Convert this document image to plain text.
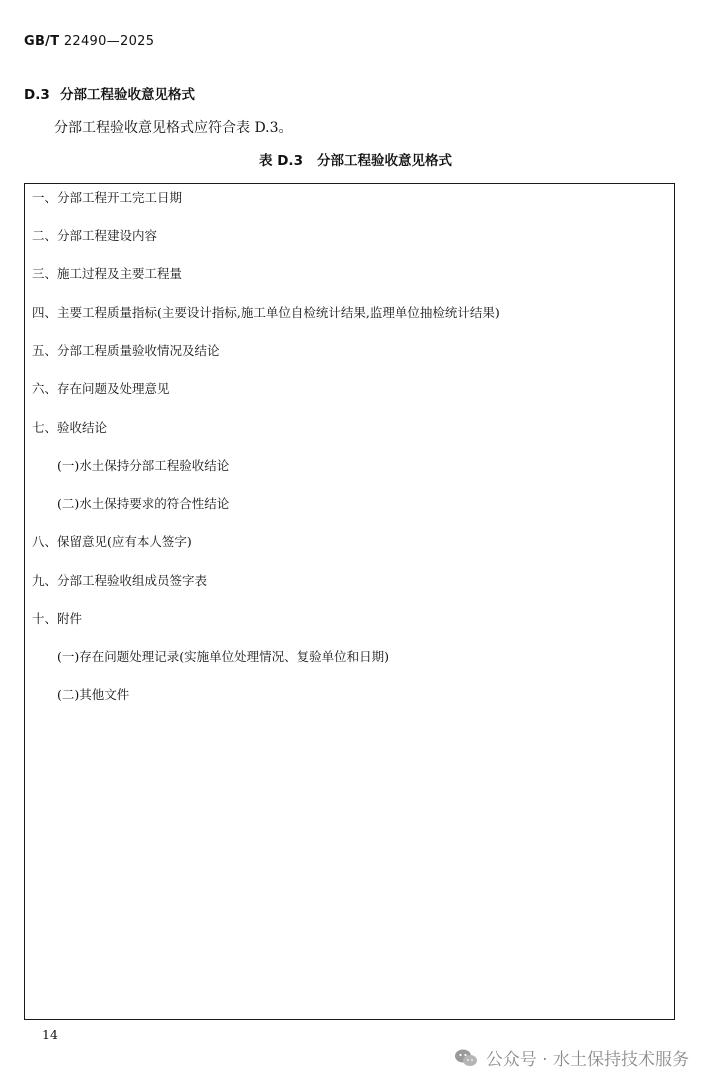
GB/T 22490—2025
D.3 分部工程验收意见格式
分部工程验收意见格式应符合表 D.3。
表 D.3 分部工程验收意见格式
一、分部工程开工完工日期
二、分部工程建设内容
三、施工过程及主要工程量
四、主要工程质量指标(主要设计指标,施工单位自检统计结果,监理单位抽检统计结果)
五、分部工程质量验收情况及结论
六、存在问题及处理意见
七、验收结论
(一)水土保持分部工程验收结论
(二)水土保持要求的符合性结论
八、保留意见(应有本人签字)
九、分部工程验收组成员签字表
十、附件
(一)存在问题处理记录(实施单位处理情况、复验单位和日期)
(二)其他文件
14
公众号 · 水土保持技术服务
